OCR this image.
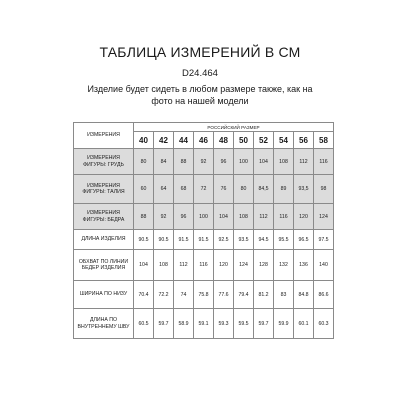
ТАБЛИЦА ИЗМЕРЕНИЙ В СМ
D24.464
Изделие будет сидеть в любом размере также, как на фото на нашей модели
ИЗМЕРЕНИЯ	РОССИЙСКИЙ РАЗМЕР									
	40	42	44	46	48	50	52	54	56	58
ИЗМЕРЕНИЯ ФИГУРЫ: ГРУДЬ	80	84	88	92	96	100	104	108	112	116
ИЗМЕРЕНИЯ ФИГУРЫ: ТАЛИЯ	60	64	68	72	76	80	84,5	89	93,5	98
ИЗМЕРЕНИЯ ФИГУРЫ: БЕДРА	88	92	96	100	104	108	112	116	120	124
ДЛИНА ИЗДЕЛИЯ	90.5	90.5	91.5	91.5	92.5	93.5	94.5	95.5	96.5	97.5
ОБХВАТ ПО ЛИНИИ БЕДЕР ИЗДЕЛИЯ	104	108	112	116	120	124	128	132	136	140
ШИРИНА ПО НИЗУ	70.4	72.2	74	75.8	77.6	79.4	81.2	83	84.8	86.6
ДЛИНА ПО ВНУТРЕННЕМУ ШВУ	60.5	59.7	58.9	59.1	59.3	59.5	59.7	59.9	60.1	60.3
